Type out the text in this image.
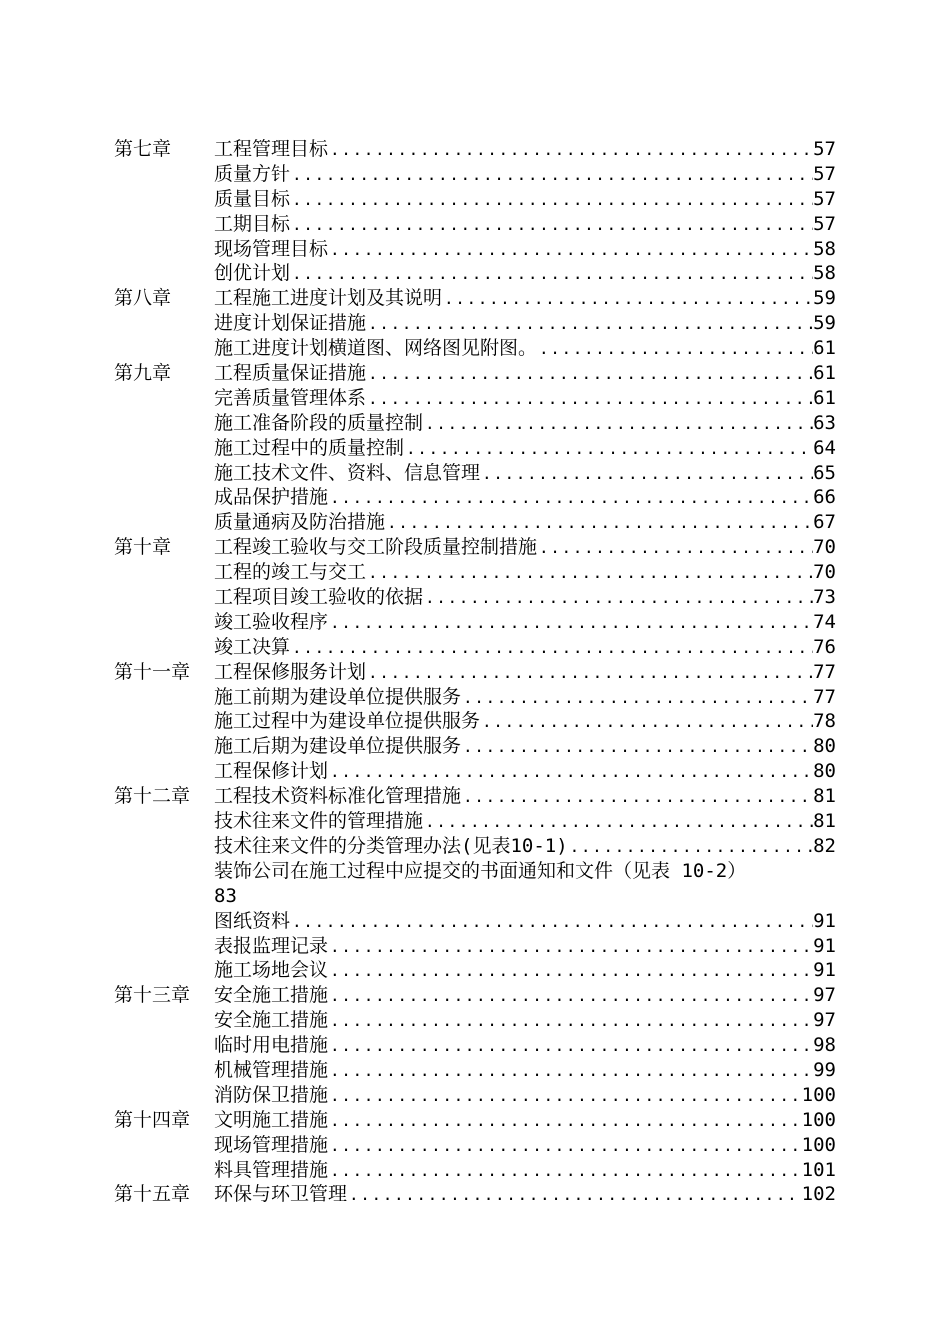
第七章 工程管理目标 .....	57
质量方针 .....	57
质量目标 .....	57
工期目标 .....	57
现场管理目标 .....	58
创优计划 .....	58
第八章 工程施工进度计划及其说明 .....	59
进度计划保证措施 .....	59
施工进度计划横道图、网络图见附图。 .....	61
第九章 工程质量保证措施 .....	61
完善质量管理体系 .....	61
施工准备阶段的质量控制 .....	63
施工过程中的质量控制 .....	64
施工技术文件、资料、信息管理 .....	65
成品保护措施 .....	66
质量通病及防治措施 .....	67
第十章 工程竣工验收与交工阶段质量控制措施 .....	70
工程的竣工与交工 .....	70
工程项目竣工验收的依据 .....	73
竣工验收程序 .....	74
竣工决算 .....	76
第十一章 工程保修服务计划 .....	77
施工前期为建设单位提供服务 .....	77
施工过程中为建设单位提供服务 .....	78
施工后期为建设单位提供服务 .....	80
工程保修计划 .....	80
第十二章 工程技术资料标准化管理措施 .....	81
技术往来文件的管理措施 .....	81
技术往来文件的分类管理办法(见表10-1) .....	82
装饰公司在施工过程中应提交的书面通知和文件（见表 10-2）
83
图纸资料 .....	91
表报监理记录 .....	91
施工场地会议 .....	91
第十三章 安全施工措施 .....	97
安全施工措施 .....	97
临时用电措施 .....	98
机械管理措施 .....	99
消防保卫措施 .....	100
第十四章 文明施工措施 .....	100
现场管理措施 .....	100
料具管理措施 .....	101
第十五章 环保与环卫管理 .....	102
